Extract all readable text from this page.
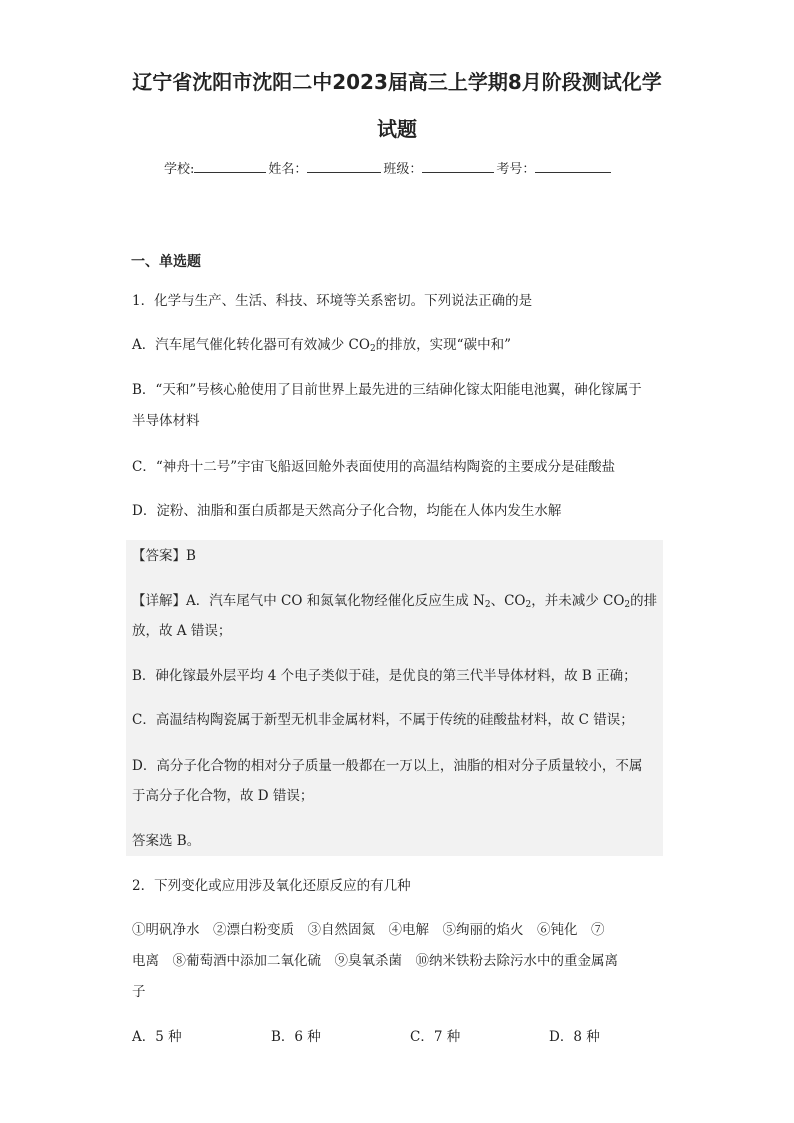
辽宁省沈阳市沈阳二中2023届高三上学期8月阶段测试化学
试题
学校:	姓名：	班级：	考号：
一、单选题
1．化学与生产、生活、科技、环境等关系密切。下列说法正确的是
A．汽车尾气催化转化器可有效减少 $CO_2$的排放，实现“碳中和”
B．“天和”号核心舱使用了目前世界上最先进的三结砷化镓太阳能电池翼，砷化镓属于
半导体材料
C．“神舟十二号”宇宙飞船返回舱外表面使用的高温结构陶瓷的主要成分是硅酸盐
D．淀粉、油脂和蛋白质都是天然高分子化合物，均能在人体内发生水解
【答案】B
【详解】A．汽车尾气中 CO 和氮氧化物经催化反应生成 $N_2$、$CO_2$，并未减少 $CO_2$的排
放，故 A 错误；
B．砷化镓最外层平均 4 个电子类似于硅，是优良的第三代半导体材料，故 B 正确；
C．高温结构陶瓷属于新型无机非金属材料，不属于传统的硅酸盐材料，故 C 错误；
D．高分子化合物的相对分子质量一般都在一万以上，油脂的相对分子质量较小，不属
于高分子化合物，故 D 错误；
答案选 B。
2．下列变化或应用涉及氧化还原反应的有几种
①明矾净水　②漂白粉变质　③自然固氮　④电解　⑤绚丽的焰火　⑥钝化　⑦
电离　⑧葡萄酒中添加二氧化硫　⑨臭氧杀菌　⑩纳米铁粉去除污水中的重金属离
子
A．5 种	B．6 种	C．7 种	D．8 种
